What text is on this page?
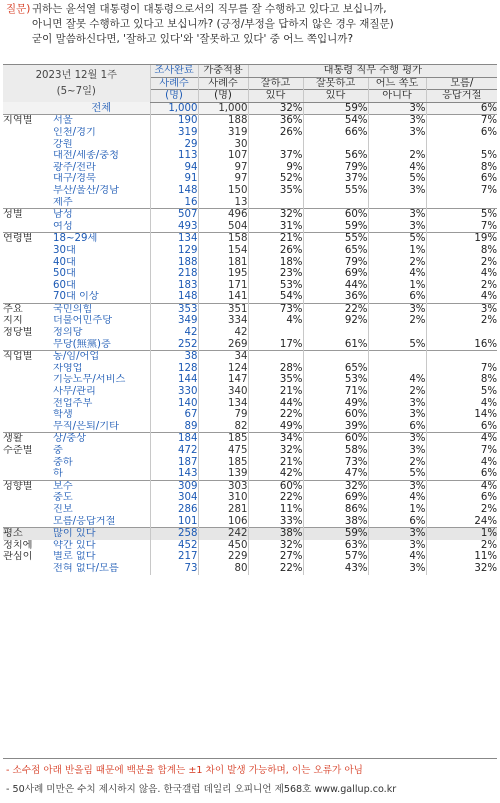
질문) 귀하는 윤석열 대통령이 대통령으로서의 직무를 잘 수행하고 있다고 보십니까,
아니면 잘못 수행하고 있다고 보십니까? (긍정/부정을 답하지 않은 경우 재질문)
굳이 말씀하신다면, '잘하고 있다'와 '잘못하고 있다' 중 어느 쪽입니까?
2023년 12월 1주
(5~7일)		조사완료	가중적용	대통령 직무 수행 평가			
		사례수	사례수	잘하고	잘못하고	어느 쪽도	모름/
		(명)	(명)	있다	있다	아니다	응답거절
	전체	1,000	1,000	32%	59%	3%	6%
지역별	서울	190	188	36%	54%	3%	7%
	인천/경기	319	319	26%	66%	3%	6%
	강원	29	30				
	대전/세종/충청	113	107	37%	56%	2%	5%
	광주/전라	94	97	9%	79%	4%	8%
	대구/경북	91	97	52%	37%	5%	6%
	부산/울산/경남	148	150	35%	55%	3%	7%
	제주	16	13				
성별	남성	507	496	32%	60%	3%	5%
	여성	493	504	31%	59%	3%	7%
연령별	18~29세	134	158	21%	55%	5%	19%
	30대	129	154	26%	65%	1%	8%
	40대	188	181	18%	79%	2%	2%
	50대	218	195	23%	69%	4%	4%
	60대	183	171	53%	44%	1%	2%
	70대 이상	148	141	54%	36%	6%	4%
주요	국민의힘	353	351	73%	22%	3%	3%
지지	더불어민주당	349	334	4%	92%	2%	2%
정당별	정의당	42	42				
	무당(無黨)층	252	269	17%	61%	5%	16%
직업별	농/임/어업	38	34				
	자영업	128	124	28%	65%		7%
	기능노무/서비스	144	147	35%	53%	4%	8%
	사무/관리	330	340	21%	71%	2%	5%
	전업주부	140	134	44%	49%	3%	4%
	학생	67	79	22%	60%	3%	14%
	무직/은퇴/기타	89	82	49%	39%	6%	6%
생활	상/중상	184	185	34%	60%	3%	4%
수준별	중	472	475	32%	58%	3%	7%
	중하	187	185	21%	73%	2%	4%
	하	143	139	42%	47%	5%	6%
성향별	보수	309	303	60%	32%	3%	4%
	중도	304	310	22%	69%	4%	6%
	진보	286	281	11%	86%	1%	2%
	모름/응답거절	101	106	33%	38%	6%	24%
평소	많이 있다	258	242	38%	59%	3%	1%
정치에	약간 있다	452	450	32%	63%	3%	2%
관심이	별로 없다	217	229	27%	57%	4%	11%
	전혀 없다/모름	73	80	22%	43%	3%	32%
- 소수점 아래 반올림 때문에 백분율 합계는 ±1 차이 발생 가능하며, 이는 오류가 아님
- 50사례 미만은 수치 제시하지 않음. 한국갤럽 데일리 오피니언 제568호 www.gallup.co.kr
